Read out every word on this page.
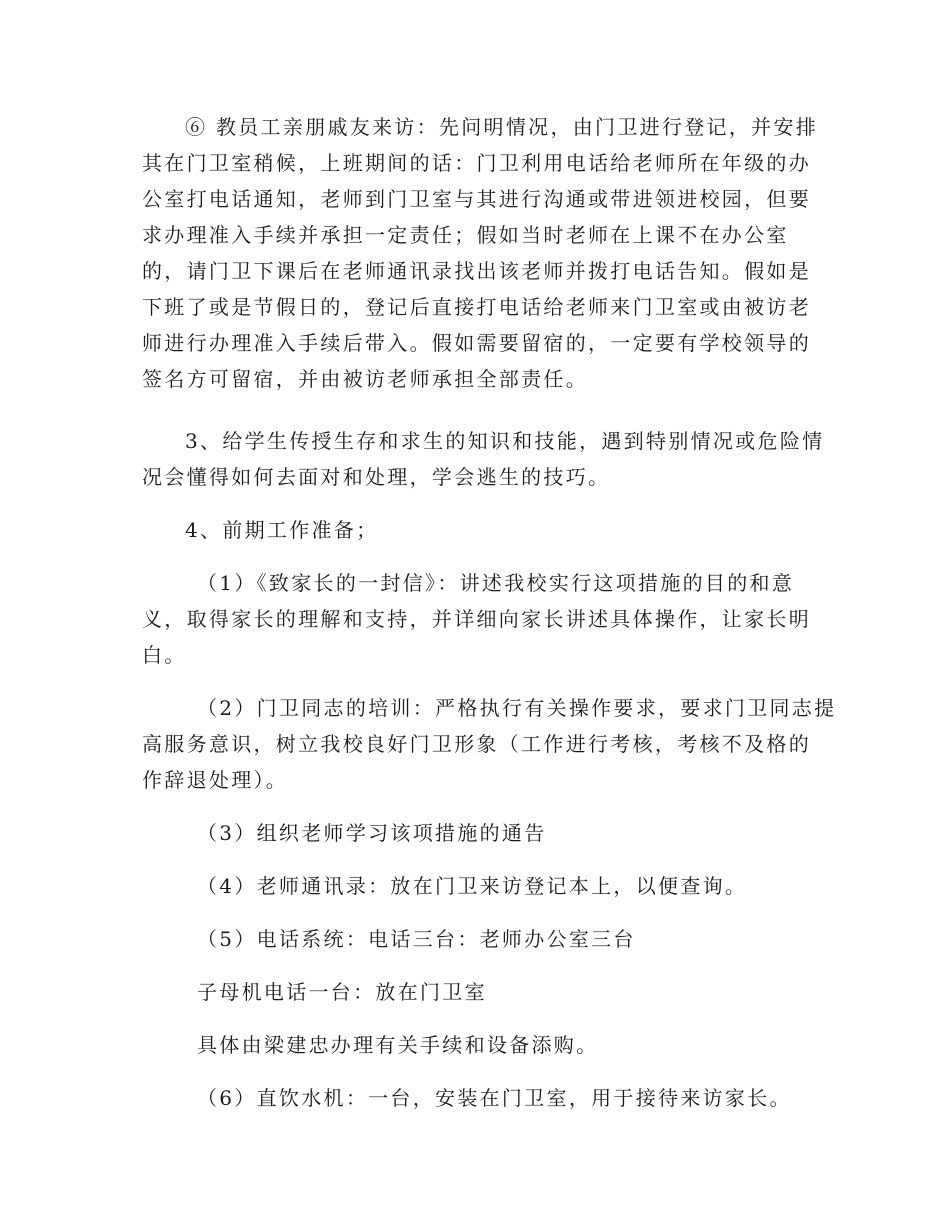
⑥ 教员工亲朋戚友来访：先问明情况，由门卫进行登记，并安排
其在门卫室稍候，上班期间的话：门卫利用电话给老师所在年级的办
公室打电话通知，老师到门卫室与其进行沟通或带进领进校园，但要
求办理准入手续并承担一定责任；假如当时老师在上课不在办公室
的，请门卫下课后在老师通讯录找出该老师并拨打电话告知。假如是
下班了或是节假日的，登记后直接打电话给老师来门卫室或由被访老
师进行办理准入手续后带入。假如需要留宿的，一定要有学校领导的
签名方可留宿，并由被访老师承担全部责任。
3、给学生传授生存和求生的知识和技能，遇到特别情况或危险情
况会懂得如何去面对和处理，学会逃生的技巧。
4、前期工作准备；
（1）《致家长的一封信》：讲述我校实行这项措施的目的和意
义，取得家长的理解和支持，并详细向家长讲述具体操作，让家长明
白。
（2）门卫同志的培训：严格执行有关操作要求，要求门卫同志提
高服务意识，树立我校良好门卫形象（工作进行考核，考核不及格的
作辞退处理）。
（3）组织老师学习该项措施的通告
（4）老师通讯录：放在门卫来访登记本上，以便查询。
（5）电话系统：电话三台：老师办公室三台
子母机电话一台：放在门卫室
具体由梁建忠办理有关手续和设备添购。
（6）直饮水机：一台，安装在门卫室，用于接待来访家长。
